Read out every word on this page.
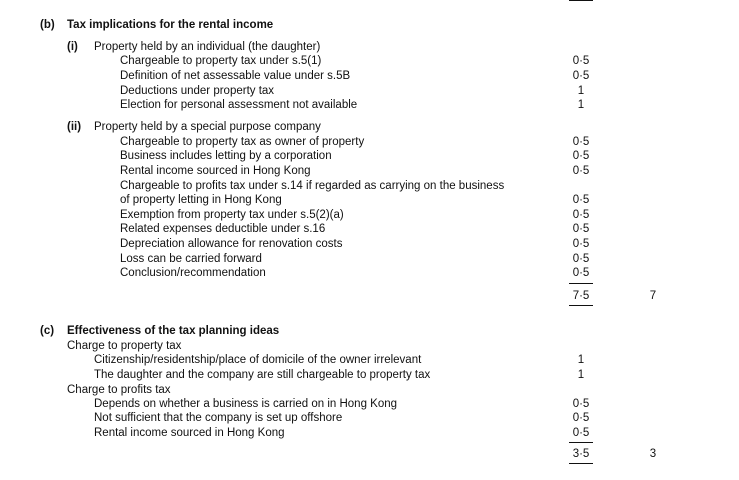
(b) Tax implications for the rental income
(i) Property held by an individual (the daughter)
Chargeable to property tax under s.5(1)	0·5
Definition of net assessable value under s.5B	0·5
Deductions under property tax	1
Election for personal assessment not available	1
(ii) Property held by a special purpose company
Chargeable to property tax as owner of property	0·5
Business includes letting by a corporation	0·5
Rental income sourced in Hong Kong	0·5
Chargeable to profits tax under s.14 if regarded as carrying on the business
of property letting in Hong Kong	0·5
Exemption from property tax under s.5(2)(a)	0·5
Related expenses deductible under s.16	0·5
Depreciation allowance for renovation costs	0·5
Loss can be carried forward	0·5
Conclusion/recommendation	0·5
7·5	7
(c) Effectiveness of the tax planning ideas
Charge to property tax
Citizenship/residentship/place of domicile of the owner irrelevant	1
The daughter and the company are still chargeable to property tax	1
Charge to profits tax
Depends on whether a business is carried on in Hong Kong	0·5
Not sufficient that the company is set up offshore	0·5
Rental income sourced in Hong Kong	0·5
3·5	3
